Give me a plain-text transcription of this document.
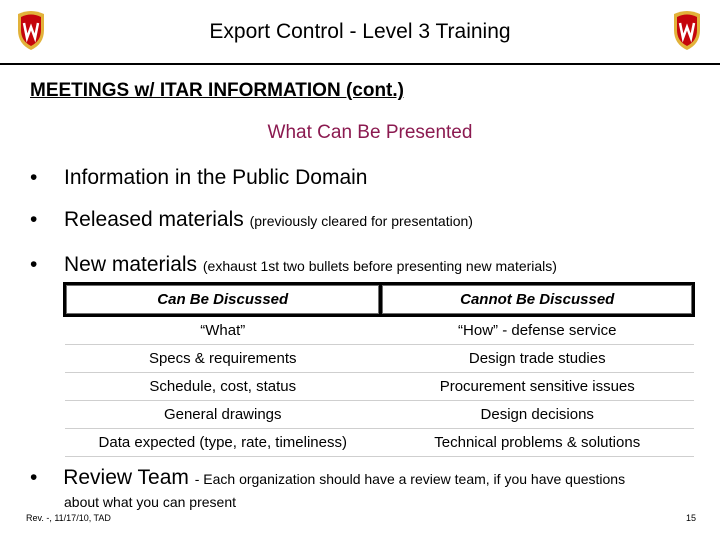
Export Control - Level 3 Training
MEETINGS w/ ITAR INFORMATION (cont.)
What Can Be Presented
• Information in the Public Domain
• Released materials (previously cleared for presentation)
• New materials (exhaust 1st two bullets before presenting new materials)
Can Be Discussed	Cannot Be Discussed
“What”	“How” - defense service
Specs & requirements	Design trade studies
Schedule, cost, status	Procurement sensitive issues
General drawings	Design decisions
Data expected (type, rate, timeliness)	Technical problems & solutions
• Review Team - Each organization should have a review team, if you have questions
about what you can present
Rev. -, 11/17/10, TAD	15
